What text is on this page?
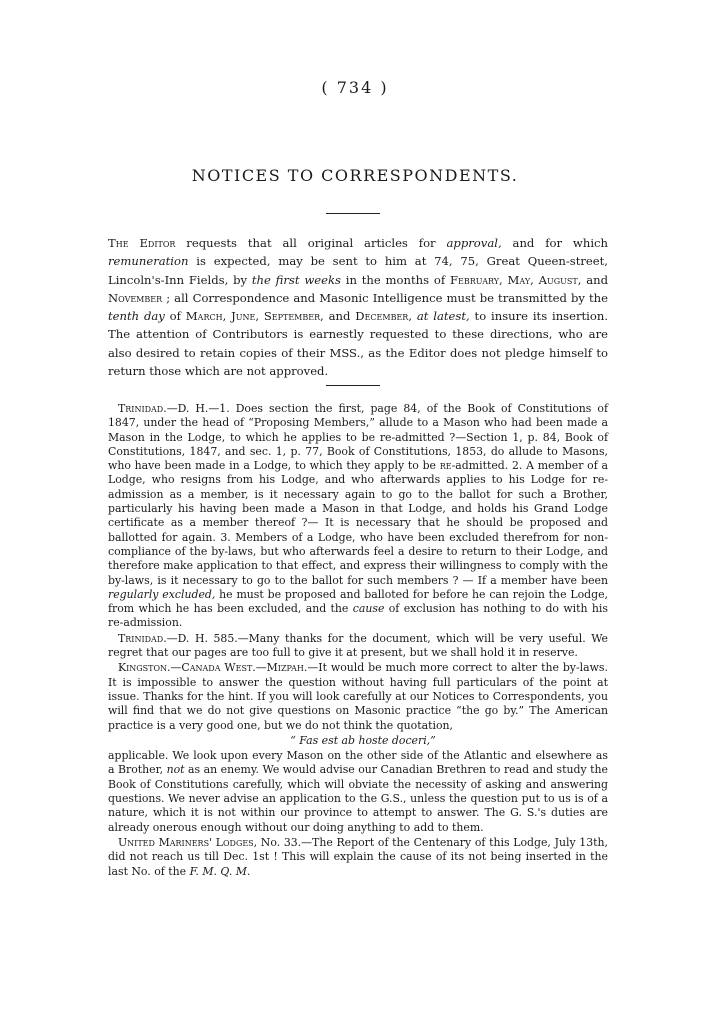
( 734 )
NOTICES TO CORRESPONDENTS.

The Editor requests that all original articles for approval, and for which remuneration is expected, may be sent to him at 74, 75, Great Queen-street, Lincoln's-Inn Fields, by the first weeks in the months of February, May, August, and November ; all Correspondence and Masonic Intelligence must be transmitted by the tenth day of March, June, September, and December, at latest, to insure its insertion. The attention of Contributors is earnestly requested to these directions, who are also desired to retain copies of their MSS., as the Editor does not pledge himself to return those which are not approved.

Trinidad.—D. H.—1. Does section the first, page 84, of the Book of Constitutions of 1847, under the head of “Proposing Members,” allude to a Mason who had been made a Mason in the Lodge, to which he applies to be re-admitted ?—Section 1, p. 84, Book of Constitutions, 1847, and sec. 1, p. 77, Book of Constitutions, 1853, do allude to Masons, who have been made in a Lodge, to which they apply to be re-admitted. 2. A member of a Lodge, who resigns from his Lodge, and who afterwards applies to his Lodge for re-admission as a member, is it necessary again to go to the ballot for such a Brother, particularly his having been made a Mason in that Lodge, and holds his Grand Lodge certificate as a member thereof ?— It is necessary that he should be proposed and ballotted for again. 3. Members of a Lodge, who have been excluded therefrom for non-compliance of the by-laws, but who afterwards feel a desire to return to their Lodge, and therefore make application to that effect, and express their willingness to comply with the by-laws, is it necessary to go to the ballot for such members ? — If a member have been regularly excluded, he must be proposed and balloted for before he can rejoin the Lodge, from which he has been excluded, and the cause of exclusion has nothing to do with his re-admission.

Trinidad.—D. H. 585.—Many thanks for the document, which will be very useful. We regret that our pages are too full to give it at present, but we shall hold it in reserve.

Kingston.—Canada West.—Mizpah.—It would be much more correct to alter the by-laws. It is impossible to answer the question without having full particulars of the point at issue. Thanks for the hint. If you will look carefully at our Notices to Correspondents, you will find that we do not give questions on Masonic practice “the go by.” The American practice is a very good one, but we do not think the quotation,

“ Fas est ab hoste doceri,”

applicable. We look upon every Mason on the other side of the Atlantic and elsewhere as a Brother, not as an enemy. We would advise our Canadian Brethren to read and study the Book of Constitutions carefully, which will obviate the necessity of asking and answering questions. We never advise an application to the G.S., unless the question put to us is of a nature, which it is not within our province to attempt to answer. The G. S.'s duties are already onerous enough without our doing anything to add to them.

United Mariners' Lodges, No. 33.—The Report of the Centenary of this Lodge, July 13th, did not reach us till Dec. 1st ! This will explain the cause of its not being inserted in the last No. of the F. M. Q. M.
